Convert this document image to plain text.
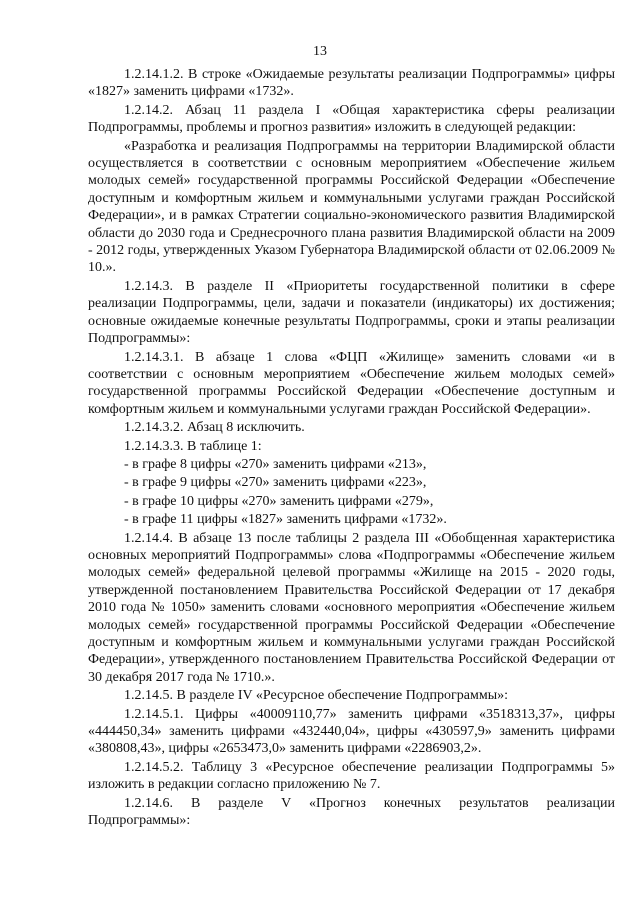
13

1.2.14.1.2. В строке «Ожидаемые результаты реализации Подпрограммы» цифры «1827» заменить цифрами «1732».

1.2.14.2. Абзац 11 раздела I «Общая характеристика сферы реализации Подпрограммы, проблемы и прогноз развития» изложить в следующей редакции:

«Разработка и реализация Подпрограммы на территории Владимирской области осуществляется в соответствии с основным мероприятием «Обеспечение жильем молодых семей» государственной программы Российской Федерации «Обеспечение доступным и комфортным жильем и коммунальными услугами граждан Российской Федерации», и в рамках Стратегии социально-экономического развития Владимирской области до 2030 года и Среднесрочного плана развития Владимирской области на 2009 - 2012 годы, утвержденных Указом Губернатора Владимирской области от 02.06.2009 № 10.».

1.2.14.3. В разделе II «Приоритеты государственной политики в сфере реализации Подпрограммы, цели, задачи и показатели (индикаторы) их достижения; основные ожидаемые конечные результаты Подпрограммы, сроки и этапы реализации Подпрограммы»:

1.2.14.3.1. В абзаце 1 слова «ФЦП «Жилище» заменить словами «и в соответствии с основным мероприятием «Обеспечение жильем молодых семей» государственной программы Российской Федерации «Обеспечение доступным и комфортным жильем и коммунальными услугами граждан Российской Федерации».

1.2.14.3.2. Абзац 8 исключить.

1.2.14.3.3. В таблице 1:

- в графе 8 цифры «270» заменить цифрами «213»,

- в графе 9 цифры «270» заменить цифрами «223»,

- в графе 10 цифры «270» заменить цифрами «279»,

- в графе 11 цифры «1827» заменить цифрами «1732».

1.2.14.4. В абзаце 13 после таблицы 2 раздела III «Обобщенная характеристика основных мероприятий Подпрограммы» слова «Подпрограммы «Обеспечение жильем молодых семей» федеральной целевой программы «Жилище на 2015 - 2020 годы, утвержденной постановлением Правительства Российской Федерации от 17 декабря 2010 года № 1050» заменить словами «основного мероприятия «Обеспечение жильем молодых семей» государственной программы Российской Федерации «Обеспечение доступным и комфортным жильем и коммунальными услугами граждан Российской Федерации», утвержденного постановлением Правительства Российской Федерации от 30 декабря 2017 года № 1710.».

1.2.14.5. В разделе IV «Ресурсное обеспечение Подпрограммы»:

1.2.14.5.1. Цифры «40009110,77» заменить цифрами «3518313,37», цифры «444450,34» заменить цифрами «432440,04», цифры «430597,9» заменить цифрами «380808,43», цифры «2653473,0» заменить цифрами «2286903,2».

1.2.14.5.2. Таблицу 3 «Ресурсное обеспечение реализации Подпрограммы 5» изложить в редакции согласно приложению № 7.

1.2.14.6. В разделе V «Прогноз конечных результатов реализации Подпрограммы»:
